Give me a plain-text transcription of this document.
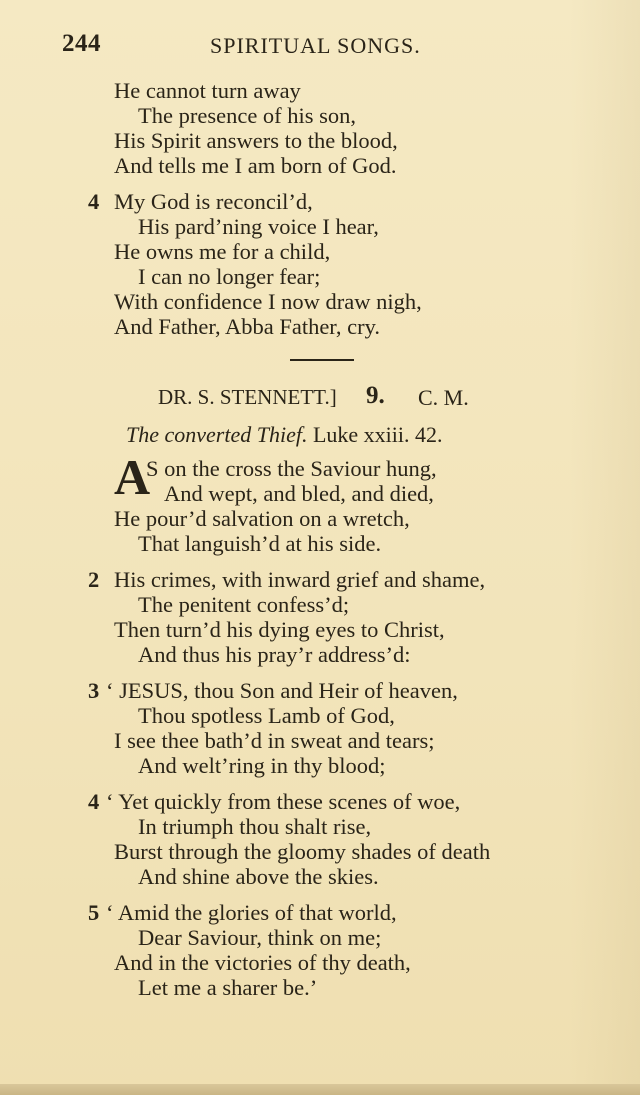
244	SPIRITUAL SONGS.
He cannot turn away
The presence of his son,
His Spirit answers to the blood,
And tells me I am born of God.
4 My God is reconcil’d,
His pard’ning voice I hear,
He owns me for a child,
I can no longer fear;
With confidence I now draw nigh,
And Father, Abba Father, cry.
DR. S. STENNETT.] 9. C. M.
The converted Thief. Luke xxiii. 42.
A
S on the cross the Saviour hung,
And wept, and bled, and died,
He pour’d salvation on a wretch,
That languish’d at his side.
2 His crimes, with inward grief and shame,
The penitent confess’d;
Then turn’d his dying eyes to Christ,
And thus his pray’r address’d:
3 ‘ JESUS, thou Son and Heir of heaven,
Thou spotless Lamb of God,
I see thee bath’d in sweat and tears;
And welt’ring in thy blood;
4 ‘ Yet quickly from these scenes of woe,
In triumph thou shalt rise,
Burst through the gloomy shades of death
And shine above the skies.
5 ‘ Amid the glories of that world,
Dear Saviour, think on me;
And in the victories of thy death,
Let me a sharer be.’
